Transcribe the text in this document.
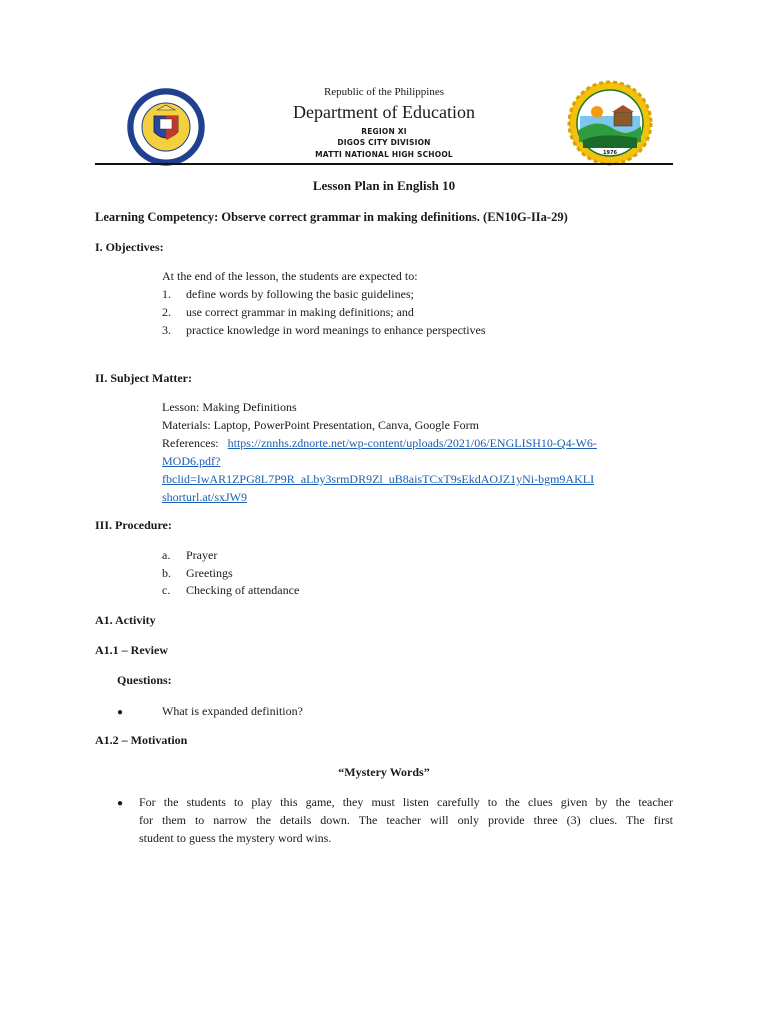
KAGAWARAN
1976
Republic of the Philippines
Department of Education
REGION XI
DIGOS CITY DIVISION
MATTI NATIONAL HIGH SCHOOL
Lesson Plan in English 10
Learning Competency: Observe correct grammar in making definitions. (EN10G-IIa-29)
I. Objectives:
At the end of the lesson, the students are expected to:
1. define words by following the basic guidelines;
2. use correct grammar in making definitions; and
3. practice knowledge in word meanings to enhance perspectives
II. Subject Matter:
Lesson: Making Definitions
Materials: Laptop, PowerPoint Presentation, Canva, Google Form
References: https://znnhs.zdnorte.net/wp-content/uploads/2021/06/ENGLISH10-Q4-W6-
MOD6.pdf?
fbclid=IwAR1ZPG8L7P9R_aLby3srmDR9Zl_uB8aisTCxT9sEkdAOJZ1yNi-bgm9AKLI
shorturl.at/sxJW9
III. Procedure:
a. Prayer
b. Greetings
c. Checking of attendance
A1. Activity
A1.1 – Review
Questions:
●	What is expanded definition?
A1.2 – Motivation
“Mystery Words”
● For the students to play this game, they must listen carefully to the clues given by the teacher
for them to narrow the details down. The teacher will only provide three (3) clues. The first
student to guess the mystery word wins.
